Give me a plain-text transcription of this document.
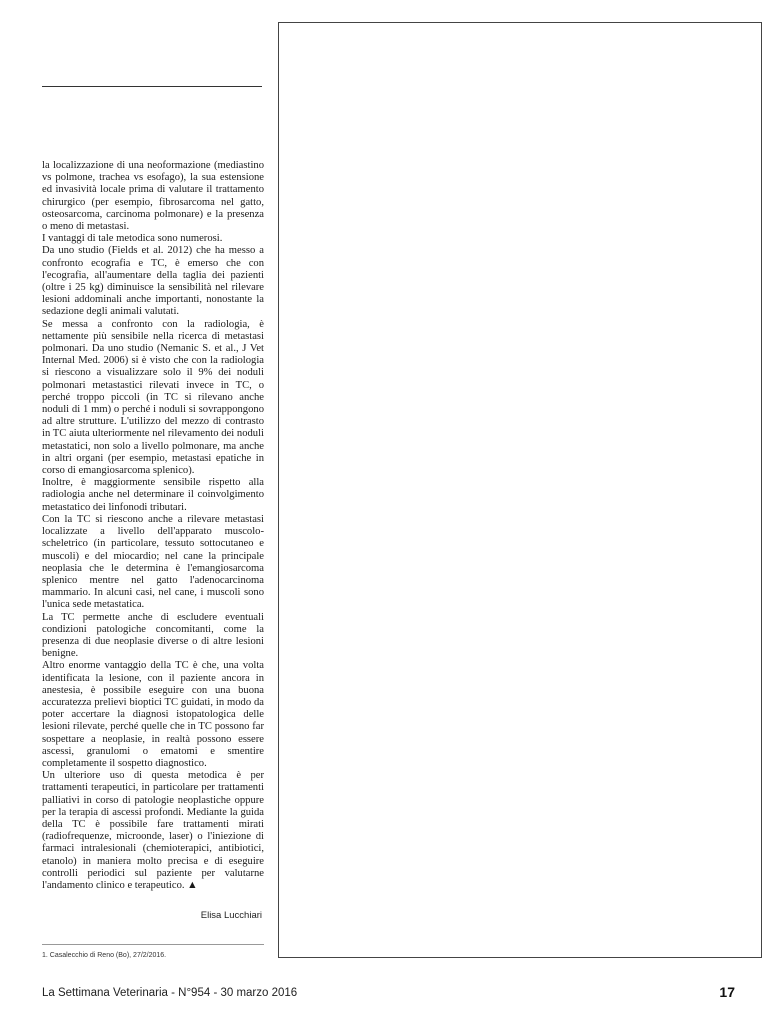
la localizzazione di una neoformazione (mediastino vs polmone, trachea vs esofago), la sua estensione ed invasività locale prima di valutare il trattamento chirurgico (per esempio, fibrosarcoma nel gatto, osteosarcoma, carcinoma polmonare) e la presenza o meno di metastasi.

I vantaggi di tale metodica sono numerosi.

Da uno studio (Fields et al. 2012) che ha messo a confronto ecografia e TC, è emerso che con l'ecografia, all'aumentare della taglia dei pazienti (oltre i 25 kg) diminuisce la sensibilità nel rilevare lesioni addominali anche importanti, nonostante la sedazione degli animali valutati.

Se messa a confronto con la radiologia, è nettamente più sensibile nella ricerca di metastasi polmonari. Da uno studio (Nemanic S. et al., J Vet Internal Med. 2006) si è visto che con la radiologia si riescono a visualizzare solo il 9% dei noduli polmonari metastastici rilevati invece in TC, o perché troppo piccoli (in TC si rilevano anche noduli di 1 mm) o perché i noduli si sovrappongono ad altre strutture. L'utilizzo del mezzo di contrasto in TC aiuta ulteriormente nel rilevamento dei noduli metastatici, non solo a livello polmonare, ma anche in altri organi (per esempio, metastasi epatiche in corso di emangiosarcoma splenico).

Inoltre, è maggiormente sensibile rispetto alla radiologia anche nel determinare il coinvolgimento metastatico dei linfonodi tributari.

Con la TC si riescono anche a rilevare metastasi localizzate a livello dell'apparato muscolo-scheletrico (in particolare, tessuto sottocutaneo e muscoli) e del miocardio; nel cane la principale neoplasia che le determina è l'emangiosarcoma splenico mentre nel gatto l'adenocarcinoma mammario. In alcuni casi, nel cane, i muscoli sono l'unica sede metastatica.

La TC permette anche di escludere eventuali condizioni patologiche concomitanti, come la presenza di due neoplasie diverse o di altre lesioni benigne.

Altro enorme vantaggio della TC è che, una volta identificata la lesione, con il paziente ancora in anestesia, è possibile eseguire con una buona accuratezza prelievi bioptici TC guidati, in modo da poter accertare la diagnosi istopatologica delle lesioni rilevate, perché quelle che in TC possono far sospettare a neoplasie, in realtà possono essere ascessi, granulomi o ematomi e smentire completamente il sospetto diagnostico.

Un ulteriore uso di questa metodica è per trattamenti terapeutici, in particolare per trattamenti palliativi in corso di patologie neoplastiche oppure per la terapia di ascessi profondi. Mediante la guida della TC è possibile fare trattamenti mirati (radiofrequenze, microonde, laser) o l'iniezione di farmaci intralesionali (chemioterapici, antibiotici, etanolo) in maniera molto precisa e di eseguire controlli periodici sul paziente per valutarne l'andamento clinico e terapeutico. ▲

Elisa Lucchiari
1. Casalecchio di Reno (Bo), 27/2/2016.
La Settimana Veterinaria - N°954 - 30 marzo 2016	17
